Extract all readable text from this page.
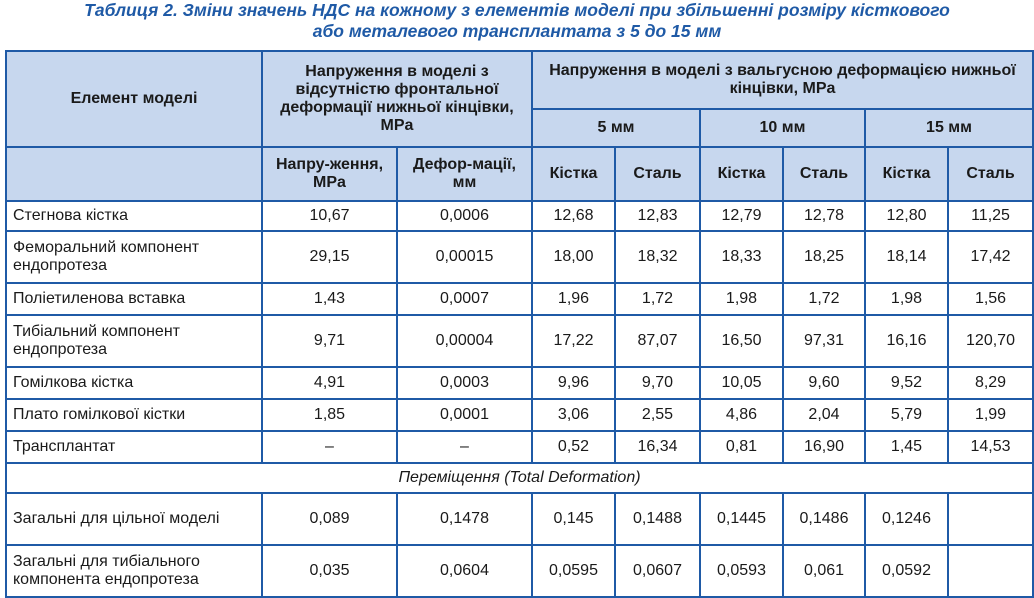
Таблиця 2. Зміни значень НДС на кожному з елементів моделі при збільшенні розміру кісткового
або металевого трансплантата з 5 до 15 мм
Елемент моделі	Напруження в моделі з відсутністю фронтальної деформації нижньої кінцівки, MPa		Напруження в моделі з вальгусною деформацією нижньої кінцівки, MPa					
			5 мм		10 мм		15 мм	
	Напру-ження, MPa	Дефор-мації, мм	Кістка	Сталь	Кістка	Сталь	Кістка	Сталь
Стегнова кістка	10,67	0,0006	12,68	12,83	12,79	12,78	12,80	11,25
Феморальний компонент ендопротеза	29,15	0,00015	18,00	18,32	18,33	18,25	18,14	17,42
Поліетиленова вставка	1,43	0,0007	1,96	1,72	1,98	1,72	1,98	1,56
Тибіальний компонент ендопротеза	9,71	0,00004	17,22	87,07	16,50	97,31	16,16	120,70
Гомілкова кістка	4,91	0,0003	9,96	9,70	10,05	9,60	9,52	8,29
Плато гомілкової кістки	1,85	0,0001	3,06	2,55	4,86	2,04	5,79	1,99
Трансплантат	–	–	0,52	16,34	0,81	16,90	1,45	14,53
Переміщення (Total Deformation)								
Загальні для цільної моделі	0,089	0,1478	0,145	0,1488	0,1445	0,1486	0,1246	
Загальні для тибіального компонента ендопротеза	0,035	0,0604	0,0595	0,0607	0,0593	0,061	0,0592	
